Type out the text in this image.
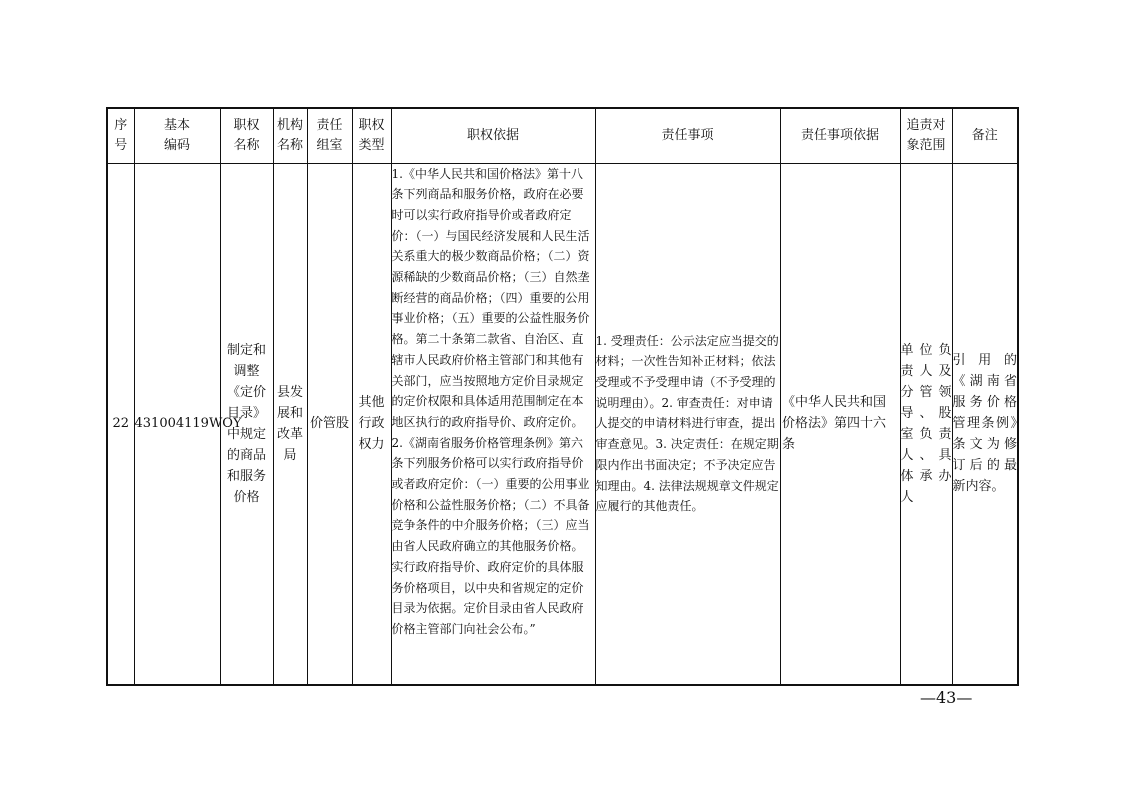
序号	基本编码	职权名称	机构名称	责任组室	职权类型	职权依据	责任事项	责任事项依据	追责对象范围	备注
22	431004119WOY	制定和调整《定价目录》中规定的商品和服务价格	县发展和改革局	价管股	其他行政权力	1.《中华人民共和国价格法》第十八条下列商品和服务价格，政府在必要时可以实行政府指导价或者政府定价：（一）与国民经济发展和人民生活关系重大的极少数商品价格；（二）资源稀缺的少数商品价格；（三）自然垄断经营的商品价格；（四）重要的公用事业价格；（五）重要的公益性服务价格。第二十条第二款省、自治区、直辖市人民政府价格主管部门和其他有关部门，应当按照地方定价目录规定的定价权限和具体适用范围制定在本地区执行的政府指导价、政府定价。2.《湖南省服务价格管理条例》第六条下列服务价格可以实行政府指导价或者政府定价：（一）重要的公用事业价格和公益性服务价格；（二）不具备竞争条件的中介服务价格；（三）应当由省人民政府确立的其他服务价格。实行政府指导价、政府定价的具体服务价格项目，以中央和省规定的定价目录为依据。定价目录由省人民政府价格主管部门向社会公布。”	1. 受理责任：公示法定应当提交的材料；一次性告知补正材料；依法受理或不予受理申请（不予受理的说明理由）。2. 审查责任：对申请人提交的申请材料进行审查，提出审查意见。3. 决定责任：在规定期限内作出书面决定；不予决定应告知理由。4. 法律法规规章文件规定应履行的其他责任。	《中华人民共和国价格法》第四十六条	单位负责人及分管领导、股室负责人、具体承办人	引用的《湖南省服务价格管理条例》条文为修订后的最新内容。
—43—
